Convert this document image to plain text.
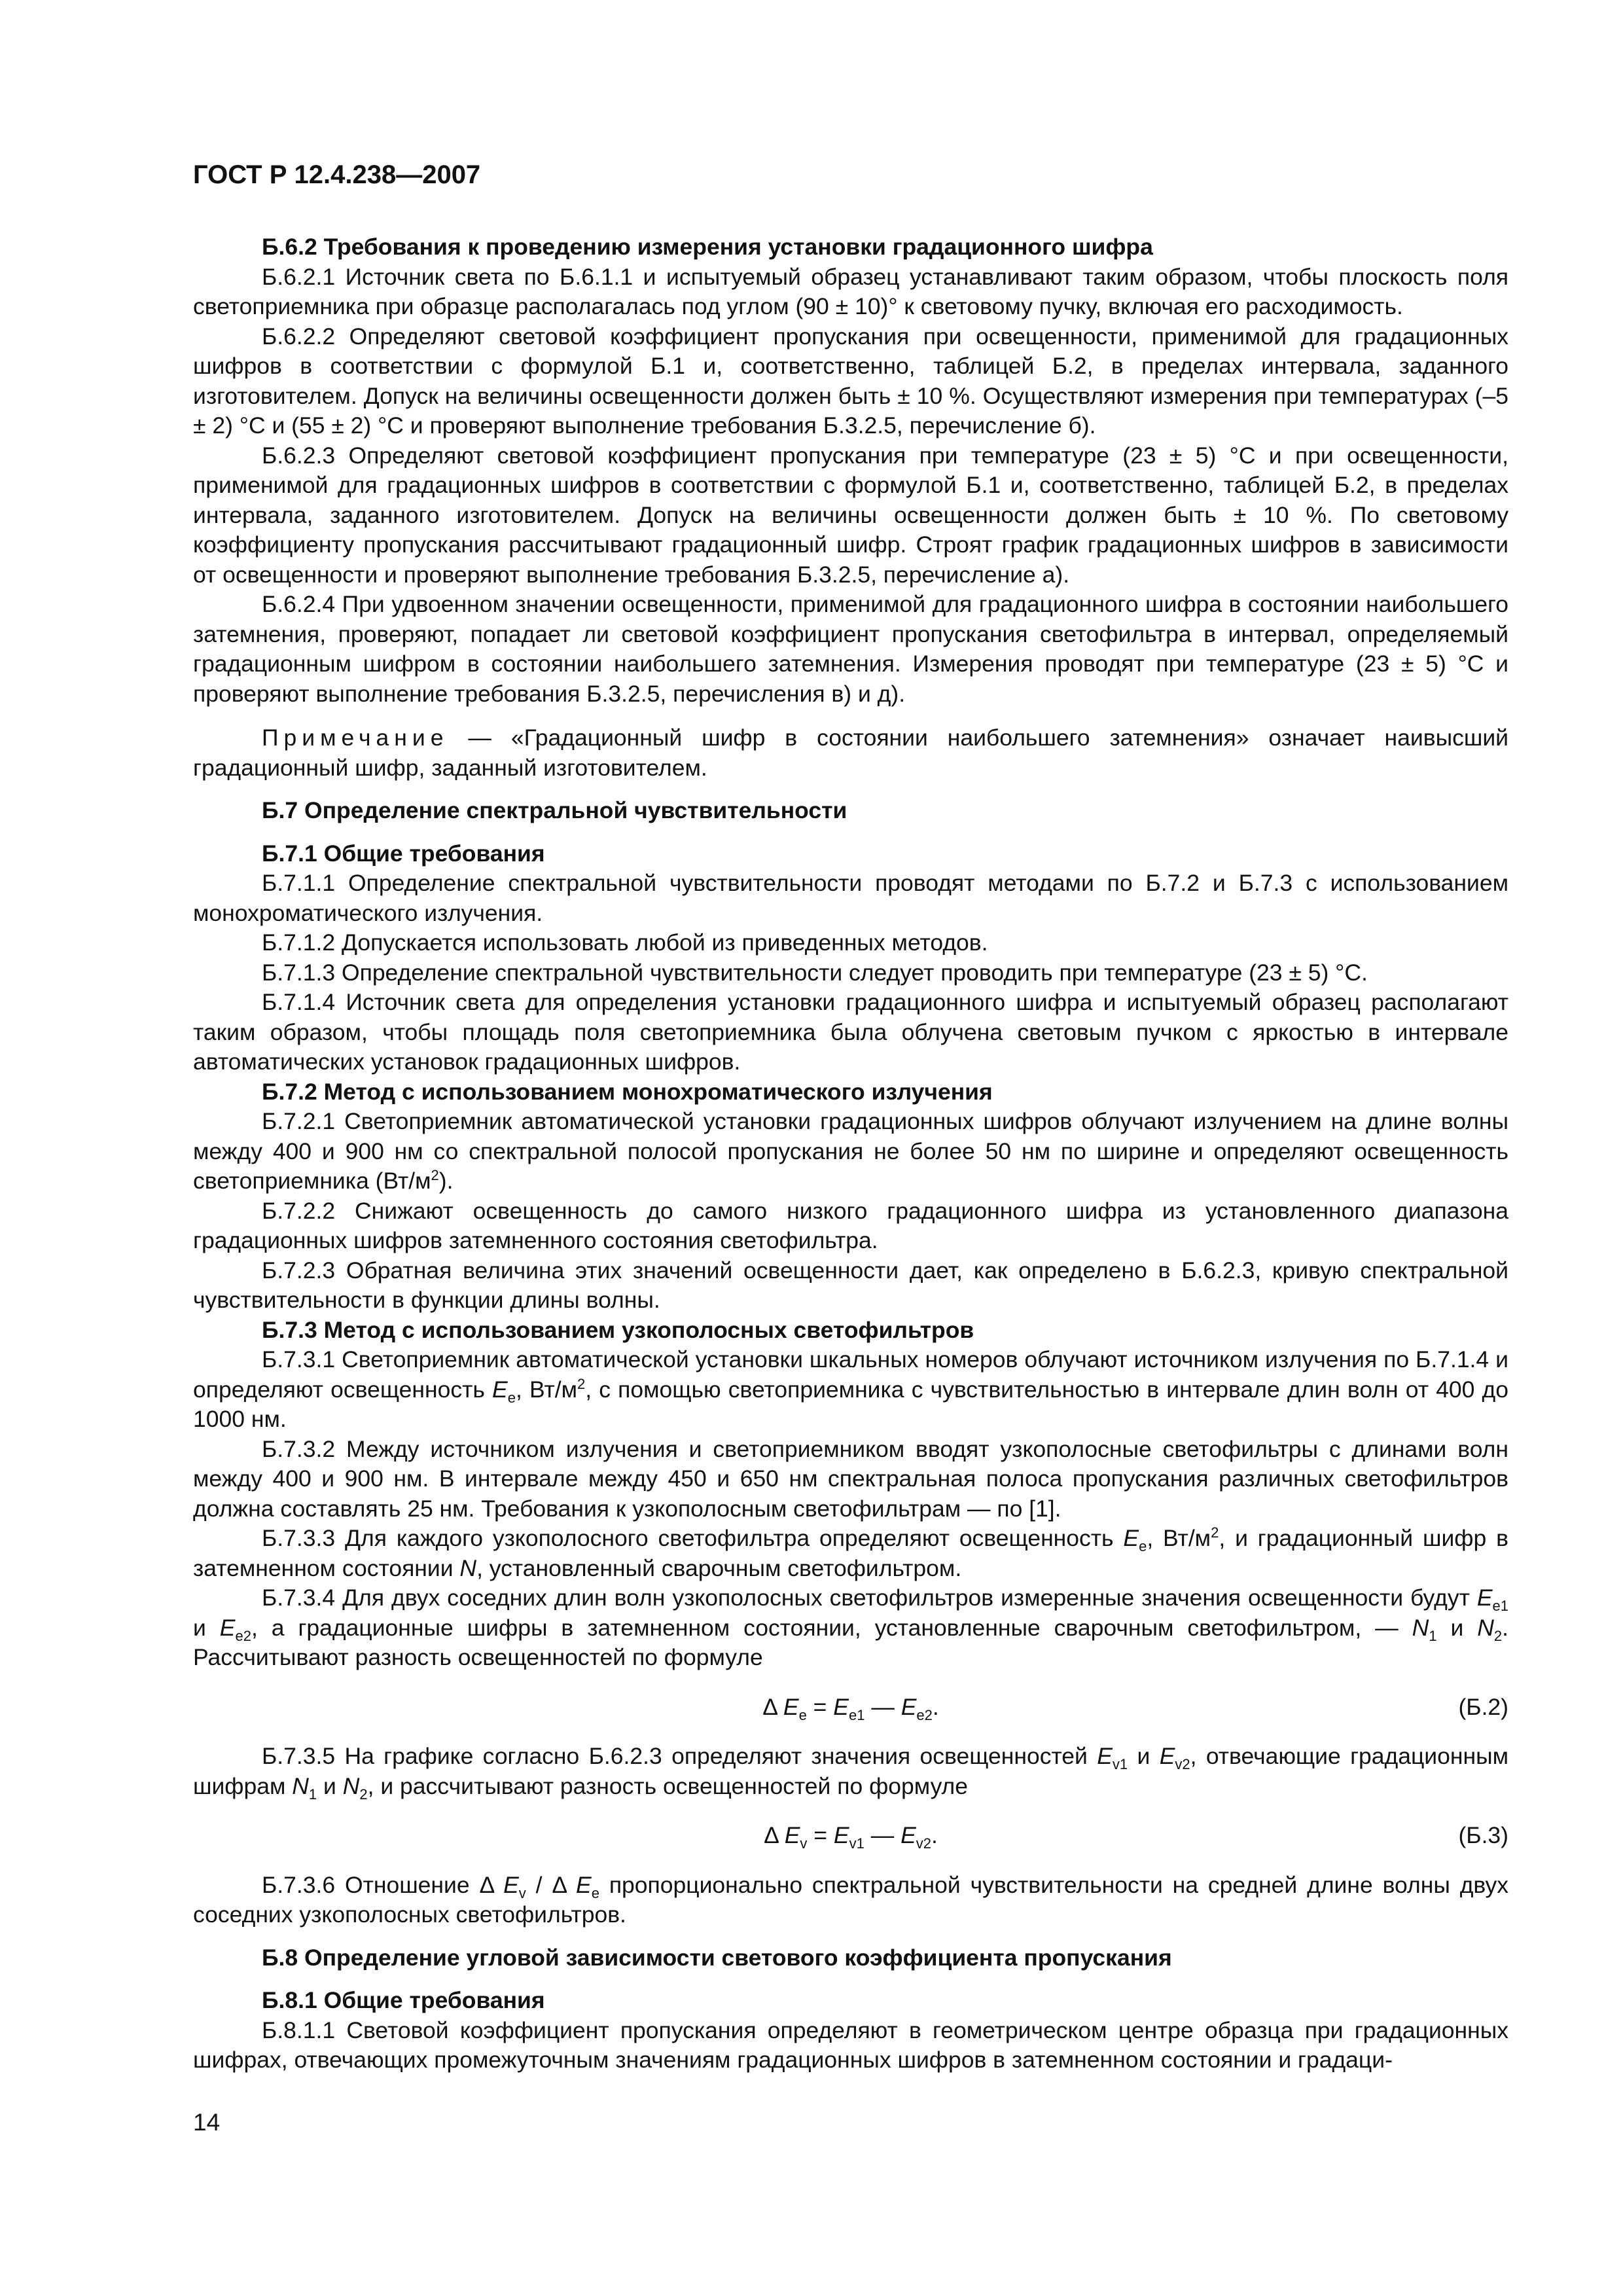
ГОСТ Р 12.4.238—2007

Б.6.2 Требования к проведению измерения установки градационного шифра

Б.6.2.1 Источник света по Б.6.1.1 и испытуемый образец устанавливают таким образом, чтобы плоскость поля светоприемника при образце располагалась под углом (90 ± 10)° к световому пучку, включая его расходимость.

Б.6.2.2 Определяют световой коэффициент пропускания при освещенности, применимой для градационных шифров в соответствии с формулой Б.1 и, соответственно, таблицей Б.2, в пределах интервала, заданного изготовителем. Допуск на величины освещенности должен быть ± 10 %. Осуществляют измерения при температурах (–5 ± 2) °С и (55 ± 2) °С и проверяют выполнение требования Б.3.2.5, перечисление б).

Б.6.2.3 Определяют световой коэффициент пропускания при температуре (23 ± 5) °С и при освещенности, применимой для градационных шифров в соответствии с формулой Б.1 и, соответственно, таблицей Б.2, в пределах интервала, заданного изготовителем. Допуск на величины освещенности должен быть ± 10 %. По световому коэффициенту пропускания рассчитывают градационный шифр. Строят график градационных шифров в зависимости от освещенности и проверяют выполнение требования Б.3.2.5, перечисление а).

Б.6.2.4 При удвоенном значении освещенности, применимой для градационного шифра в состоянии наибольшего затемнения, проверяют, попадает ли световой коэффициент пропускания светофильтра в интервал, определяемый градационным шифром в состоянии наибольшего затемнения. Измерения проводят при температуре (23 ± 5) °С и проверяют выполнение требования Б.3.2.5, перечисления в) и д).

Примечание — «Градационный шифр в состоянии наибольшего затемнения» означает наивысший градационный шифр, заданный изготовителем.

Б.7 Определение спектральной чувствительности

Б.7.1 Общие требования

Б.7.1.1 Определение спектральной чувствительности проводят методами по Б.7.2 и Б.7.3 с использованием монохроматического излучения.

Б.7.1.2 Допускается использовать любой из приведенных методов.

Б.7.1.3 Определение спектральной чувствительности следует проводить при температуре (23 ± 5) °С.

Б.7.1.4 Источник света для определения установки градационного шифра и испытуемый образец располагают таким образом, чтобы площадь поля светоприемника была облучена световым пучком с яркостью в интервале автоматических установок градационных шифров.

Б.7.2 Метод с использованием монохроматического излучения

Б.7.2.1 Светоприемник автоматической установки градационных шифров облучают излучением на длине волны между 400 и 900 нм со спектральной полосой пропускания не более 50 нм по ширине и определяют освещенность светоприемника $(Вт/м^2)$.

Б.7.2.2 Снижают освещенность до самого низкого градационного шифра из установленного диапазона градационных шифров затемненного состояния светофильтра.

Б.7.2.3 Обратная величина этих значений освещенности дает, как определено в Б.6.2.3, кривую спектральной чувствительности в функции длины волны.

Б.7.3 Метод с использованием узкополосных светофильтров

Б.7.3.1 Светоприемник автоматической установки шкальных номеров облучают источником излучения по Б.7.1.4 и определяют освещенность $E_e$, $Вт/м^2$, с помощью светоприемника с чувствительностью в интервале длин волн от 400 до 1000 нм.

Б.7.3.2 Между источником излучения и светоприемником вводят узкополосные светофильтры с длинами волн между 400 и 900 нм. В интервале между 450 и 650 нм спектральная полоса пропускания различных светофильтров должна составлять 25 нм. Требования к узкополосным светофильтрам — по [1].

Б.7.3.3 Для каждого узкополосного светофильтра определяют освещенность $E_e$, $Вт/м^2$, и градационный шифр в затемненном состоянии N, установленный сварочным светофильтром.

Б.7.3.4 Для двух соседних длин волн узкополосных светофильтров измеренные значения освещенности будут $E_{e1}$ и $E_{e2}$, а градационные шифры в затемненном состоянии, установленные сварочным светофильтром, — $N_1$ и $N_2$. Рассчитывают разность освещенностей по формуле

Δ $E_e = E_{e1}$ — $E_{e2}$.	(Б.2)

Б.7.3.5 На графике согласно Б.6.2.3 определяют значения освещенностей $E_{v1}$ и $E_{v2}$, отвечающие градационным шифрам $N_1$ и $N_2$, и рассчитывают разность освещенностей по формуле

Δ $E_v = E_{v1}$ — $E_{v2}$.	(Б.3)

Б.7.3.6 Отношение Δ $E_v$ / Δ $E_e$ пропорционально спектральной чувствительности на средней длине волны двух соседних узкополосных светофильтров.

Б.8 Определение угловой зависимости светового коэффициента пропускания

Б.8.1 Общие требования

Б.8.1.1 Световой коэффициент пропускания определяют в геометрическом центре образца при градационных шифрах, отвечающих промежуточным значениям градационных шифров в затемненном состоянии и градаци-

14
